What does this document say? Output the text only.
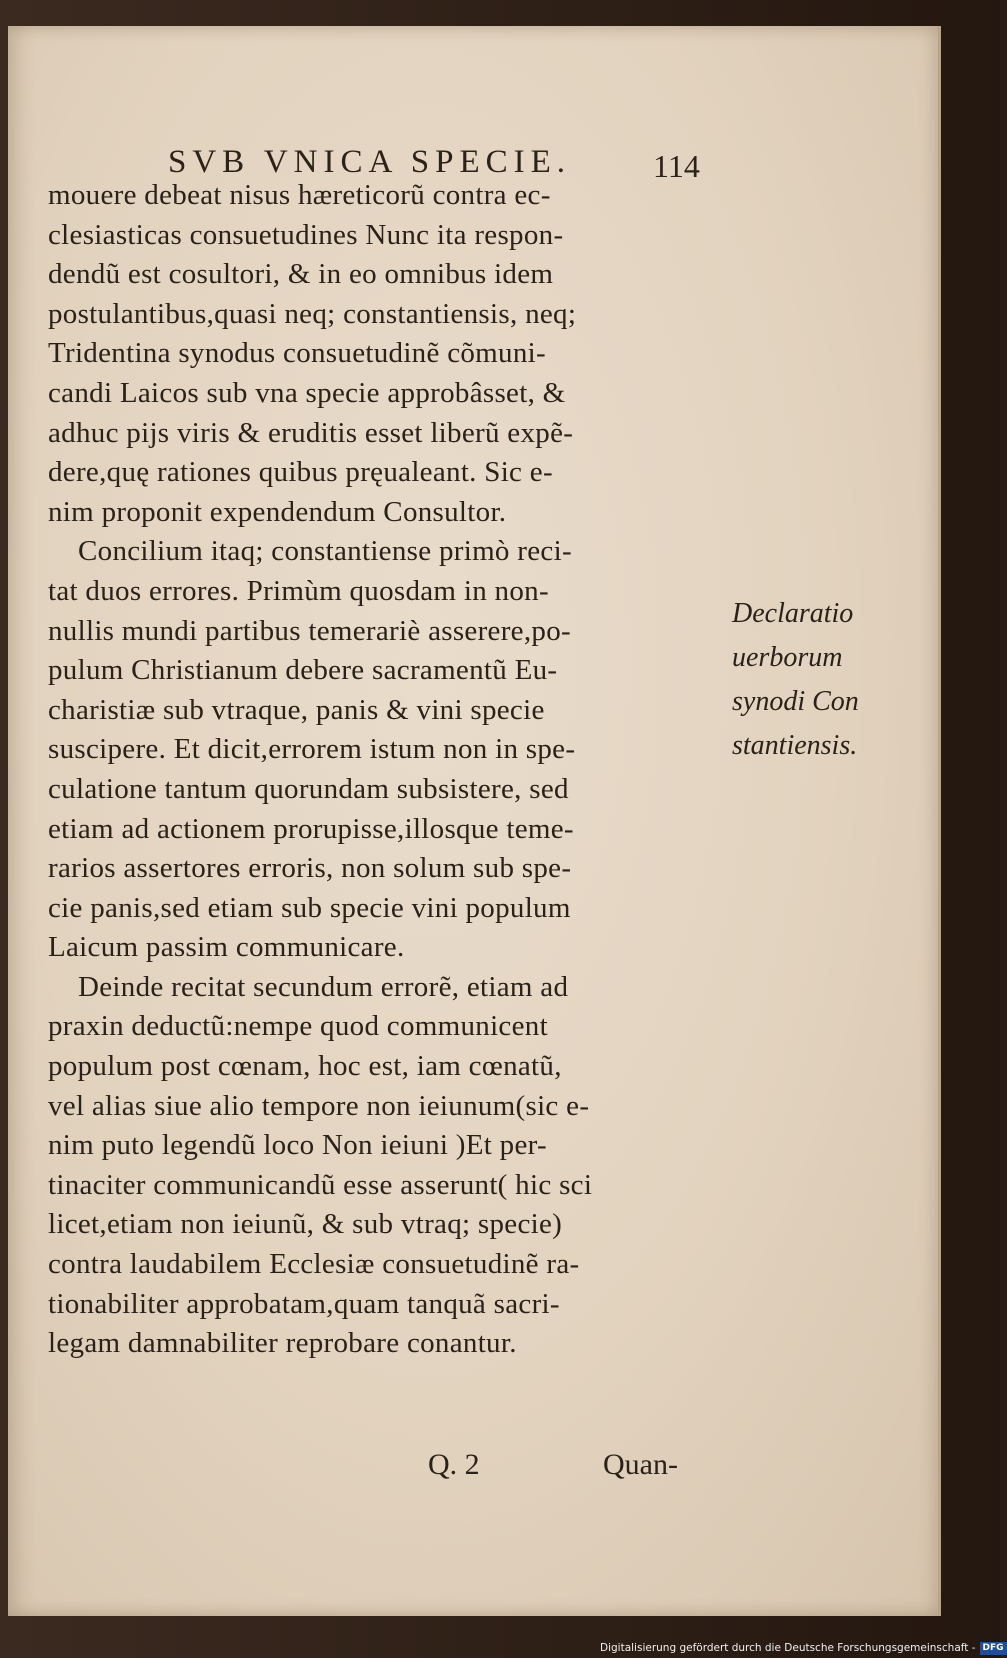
SVB VNICA SPECIE.	114
mouere debeat nisus hæreticorũ contra ec-
clesiasticas consuetudines Nunc ita respon-
dendũ est cosultori, & in eo omnibus idem
postulantibus,quasi neq; constantiensis, neq;
Tridentina synodus consuetudinẽ cõmuni-
candi Laicos sub vna specie approbâsset, &
adhuc pijs viris & eruditis esset liberũ expẽ-
dere,quę rationes quibus pręualeant. Sic e-
nim proponit expendendum Consultor.
Concilium itaq; constantiense primò reci-
tat duos errores. Primùm quosdam in non-
nullis mundi partibus temerariè asserere,po-
pulum Christianum debere sacramentũ Eu-
charistiæ sub vtraque, panis & vini specie
suscipere. Et dicit,errorem istum non in spe-
culatione tantum quorundam subsistere, sed
etiam ad actionem prorupisse,illosque teme-
rarios assertores erroris, non solum sub spe-
cie panis,sed etiam sub specie vini populum
Laicum passim communicare.
Deinde recitat secundum errorẽ, etiam ad
praxin deductũ:nempe quod communicent
populum post cœnam, hoc est, iam cœnatũ,
vel alias siue alio tempore non ieiunum(sic e-
nim puto legendũ loco Non ieiuni )Et per-
tinaciter communicandũ esse asserunt( hic sci
licet,etiam non ieiunũ, & sub vtraq; specie)
contra laudabilem Ecclesiæ consuetudinẽ ra-
tionabiliter approbatam,quam tanquã sacri-
legam damnabiliter reprobare conantur.
Declaratio
uerborum
synodi Con
stantiensis.
Q. 2	Quan-
Digitalisierung gefördert durch die Deutsche Forschungsgemeinschaft - DFG
